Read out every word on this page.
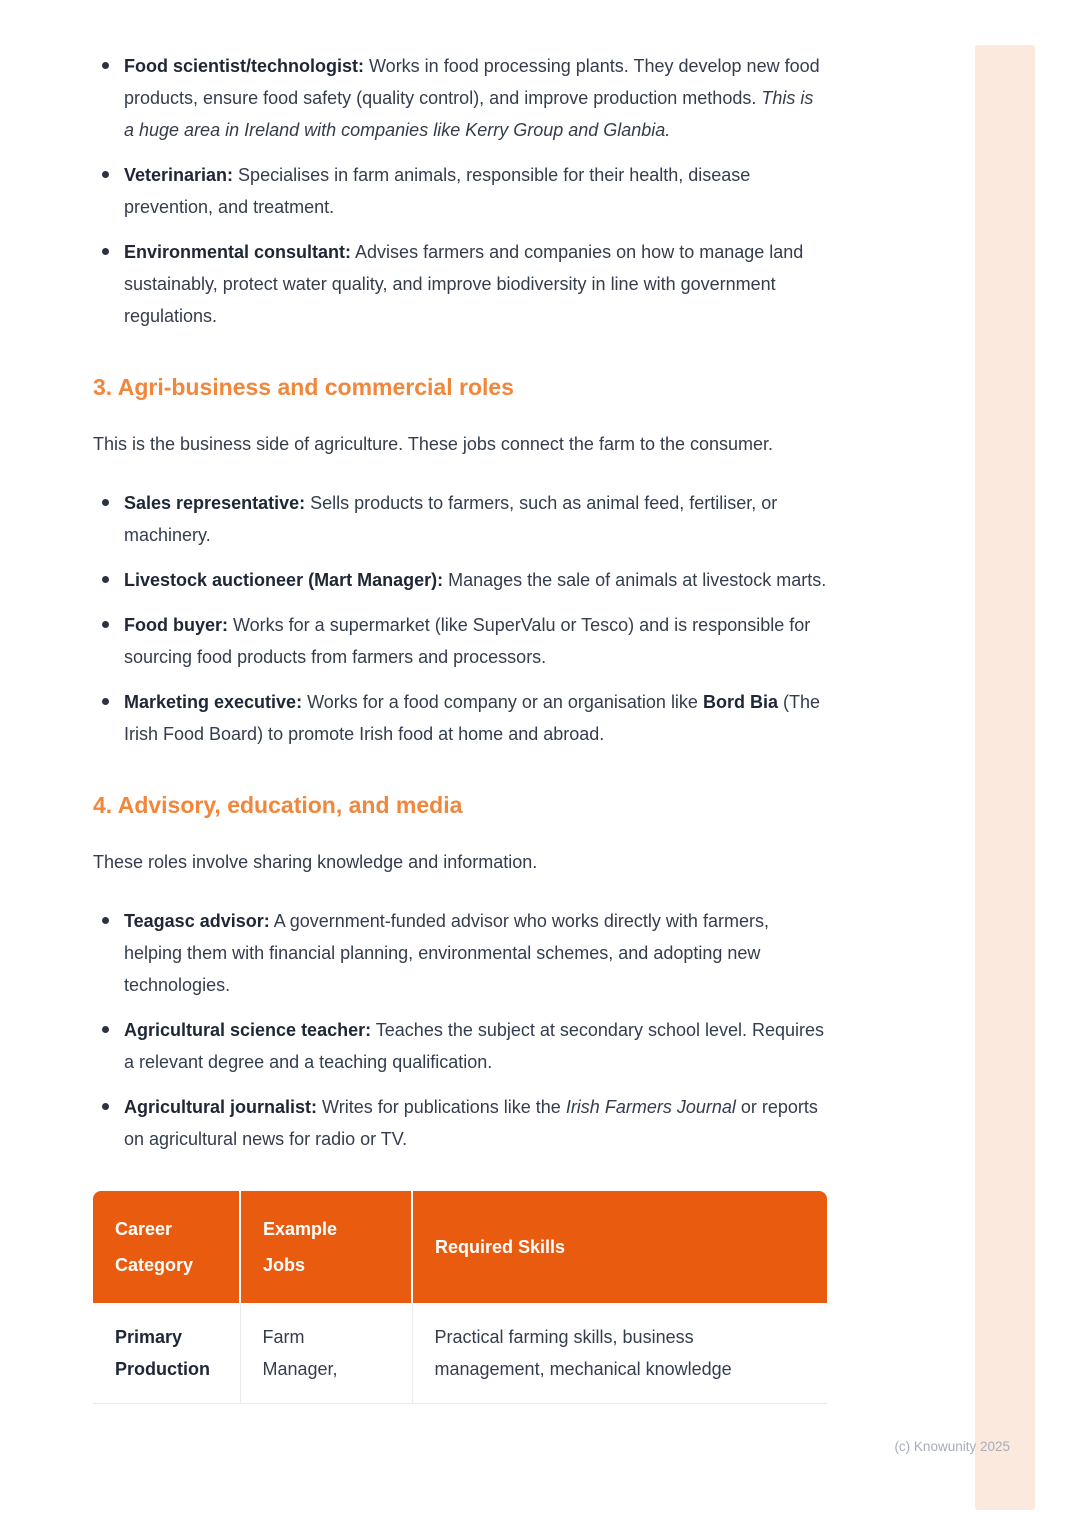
Food scientist/technologist: Works in food processing plants. They develop new food products, ensure food safety (quality control), and improve production methods. This is a huge area in Ireland with companies like Kerry Group and Glanbia.
Veterinarian: Specialises in farm animals, responsible for their health, disease prevention, and treatment.
Environmental consultant: Advises farmers and companies on how to manage land sustainably, protect water quality, and improve biodiversity in line with government regulations.
3. Agri-business and commercial roles

This is the business side of agriculture. These jobs connect the farm to the consumer.

Sales representative: Sells products to farmers, such as animal feed, fertiliser, or machinery.
Livestock auctioneer (Mart Manager): Manages the sale of animals at livestock marts.
Food buyer: Works for a supermarket (like SuperValu or Tesco) and is responsible for sourcing food products from farmers and processors.
Marketing executive: Works for a food company or an organisation like Bord Bia (The Irish Food Board) to promote Irish food at home and abroad.
4. Advisory, education, and media

These roles involve sharing knowledge and information.

Teagasc advisor: A government-funded advisor who works directly with farmers, helping them with financial planning, environmental schemes, and adopting new technologies.
Agricultural science teacher: Teaches the subject at secondary school level. Requires a relevant degree and a teaching qualification.
Agricultural journalist: Writes for publications like the Irish Farmers Journal or reports on agricultural news for radio or TV.
Career Category	Example Jobs	Required Skills
Primary Production	Farm Manager,	Practical farming skills, business management, mechanical knowledge
(c) Knowunity 2025
